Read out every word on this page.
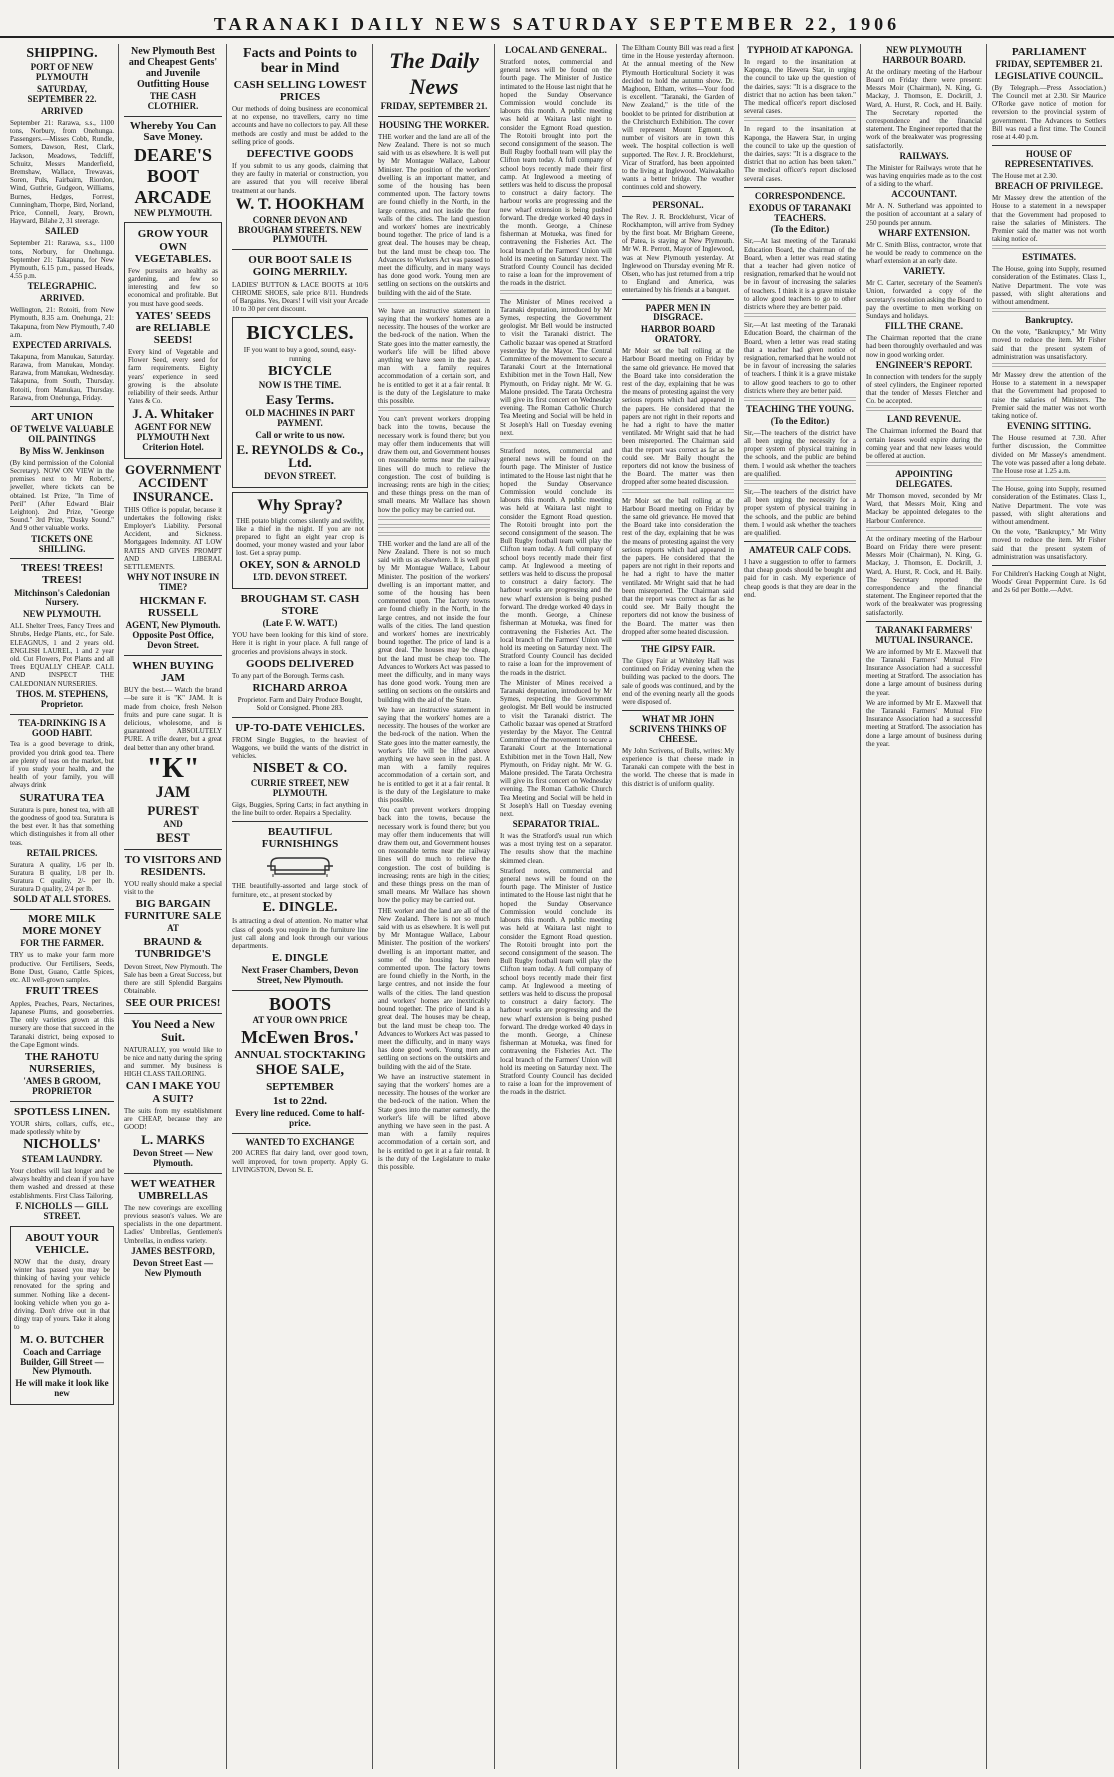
TARANAKI DAILY NEWS SATURDAY SEPTEMBER 22, 1906
SHIPPING.
PORT OF NEW PLYMOUTH
SATURDAY, SEPTEMBER 22.
ARRIVED

September 21: Rarawa, s.s., 1100 tons, Norbury, from Onehunga. Passengers.—Misses Cobb, Rundle, Somers, Dawson, Rest, Clark, Jackson, Meadows, Tedcliff, Schuitz, Messrs Manderfield, Bremshaw, Wallace, Trewavas, Soren, Puls, Fairbairn, Riordon, Wind, Guthrie, Gudgeon, Williams, Burnes, Hedges, Forrest, Cunningham, Thorpe, Bird, Norland, Price, Connell, Jeary, Brown, Hayward, Bilahe 2, 31 steerage.

SAILED

September 21: Rarawa, s.s., 1100 tons, Norbury, for Onehunga. September 21: Takapuna, for New Plymouth, 6.15 p.m., passed Heads, 4.55 p.m.

TELEGRAPHIC.
ARRIVED.

Wellington, 21: Rotoiti, from New Plymouth, 8.35 a.m. Onehunga, 21: Takapuna, from New Plymouth, 7.40 a.m.

EXPECTED ARRIVALS.

Takapuna, from Manukau, Saturday. Rarawa, from Manukau, Monday. Rarawa, from Manukau, Wednesday. Takapuna, from South, Thursday. Rotoiti, from Manukau, Thursday. Rarawa, from Onehunga, Friday.

ART UNION
OF TWELVE VALUABLE OIL PAINTINGS
By Miss W. Jenkinson

(By kind permission of the Colonial Secretary). NOW ON VIEW in the premises next to Mr Roberts', jeweller, where tickets can be obtained. 1st Prize, "In Time of Peril" (After Edward Blair Leighton). 2nd Prize, "George Sound." 3rd Prize, "Dusky Sound." And 9 other valuable works.

TICKETS ONE SHILLING.
TREES! TREES! TREES!
Mitchinson's Caledonian Nursery.
NEW PLYMOUTH.

ALL Shelter Trees, Fancy Trees and Shrubs, Hedge Plants, etc., for Sale. ELEAGNUS, 1 and 2 years old. ENGLISH LAUREL, 1 and 2 year old. Cut Flowers, Pot Plants and all Trees EQUALLY CHEAP. CALL AND INSPECT THE CALEDONIAN NURSERIES.

THOS. M. STEPHENS, Proprietor.
TEA-DRINKING IS A GOOD HABIT.

Tea is a good beverage to drink, provided you drink good tea. There are plenty of teas on the market, but if you study your health, and the health of your family, you will always drink

SURATURA TEA

Suratura is pure, honest tea, with all the goodness of good tea. Suratura is the best ever. It has that something which distinguishes it from all other teas.

RETAIL PRICES.

Suratura A quality, 1/6 per lb. Suratura B quality, 1/8 per lb. Suratura C quality, 2/- per lb. Suratura D quality, 2/4 per lb.

SOLD AT ALL STORES.
MORE MILK MORE MONEY
FOR THE FARMER.

TRY us to make your farm more productive. Our Fertilisers, Seeds, Bone Dust, Guano, Cattle Spices, etc. All well-grown samples.

FRUIT TREES

Apples, Peaches, Pears, Nectarines, Japanese Plums, and gooseberries. The only varieties grown at this nursery are those that succeed in the Taranaki district, being exposed to the Cape Egmont winds.

THE RAHOTU NURSERIES,
'AMES B GROOM, PROPRIETOR
SPOTLESS LINEN.

YOUR shirts, collars, cuffs, etc., made spotlessly white by

NICHOLLS'
STEAM LAUNDRY.

Your clothes will last longer and be always healthy and clean if you have them washed and dressed at these establishments. First Class Tailoring.

F. NICHOLLS — GILL STREET.
ABOUT YOUR VEHICLE.

NOW that the dusty, dreary winter has passed you may be thinking of having your vehicle renovated for the spring and summer. Nothing like a decent-looking vehicle when you go a-driving. Don't drive out in that dingy trap of yours. Take it along to

M. O. BUTCHER
Coach and Carriage Builder, Gill Street — New Plymouth.
He will make it look like new
New Plymouth Best and Cheapest Gents' and Juvenile Outfitting House
THE CASH CLOTHIER.
Whereby You Can Save Money.
DEARE'S
BOOT
ARCADE
NEW PLYMOUTH.
GROW YOUR OWN VEGETABLES.

Few pursuits are healthy as gardening, and few so interesting and few so economical and profitable. But you must have good seeds.

YATES' SEEDS are RELIABLE SEEDS!

Every kind of Vegetable and Flower Seed, every seed for farm requirements. Eighty years' experience in seed growing is the absolute reliability of their seeds. Arthur Yates & Co.

J. A. Whitaker
AGENT FOR NEW PLYMOUTH Next Criterion Hotel.
GOVERNMENT ACCIDENT INSURANCE.

THIS Office is popular, because it undertakes the following risks: Employer's Liability. Personal Accident, and Sickness. Mortgagees Indemnity. AT LOW RATES AND GIVES PROMPT AND LIBERAL SETTLEMENTS.

WHY NOT INSURE IN TIME?
HICKMAN F. RUSSELL
AGENT, New Plymouth. Opposite Post Office, Devon Street.
WHEN BUYING JAM

BUY the best.— Watch the brand —be sure it is "K" JAM. It is made from choice, fresh Nelson fruits and pure cane sugar. It is delicious, wholesome, and is guaranteed ABSOLUTELY PURE. A trifle dearer, but a great deal better than any other brand.

"K"
JAM
PUREST
AND
BEST
TO VISITORS AND RESIDENTS.

YOU really should make a special visit to the

BIG BARGAIN FURNITURE SALE
AT
BRAUND & TUNBRIDGE'S

Devon Street, New Plymouth. The Sale has been a Great Success, but there are still Splendid Bargains Obtainable.

SEE OUR PRICES!
You Need a New Suit.

NATURALLY, you would like to be nice and natty during the spring and summer. My business is HIGH CLASS TAILORING.

CAN I MAKE YOU A SUIT?

The suits from my establishment are CHEAP, because they are GOOD!

L. MARKS
Devon Street — New Plymouth.
WET WEATHER UMBRELLAS

The new coverings are excelling previous season's values. We are specialists in the one department. Ladies' Umbrellas, Gentlemen's Umbrellas, in endless variety.

JAMES BESTFORD,
Devon Street East — New Plymouth
Facts and Points to bear in Mind
CASH SELLING LOWEST PRICES

Our methods of doing business are economical at no expense, no travellers, carry no time accounts and have no collectors to pay. All these methods are costly and must be added to the selling price of goods.

DEFECTIVE GOODS

If you submit to us any goods, claiming that they are faulty in material or construction, you are assured that you will receive liberal treatment at our hands.

W. T. HOOKHAM
CORNER DEVON AND BROUGHAM STREETS. NEW PLYMOUTH.
OUR BOOT SALE IS GOING MERRILY.

LADIES' BUTTON & LACE BOOTS at 10/6 CHROME SHOES, sale price 8/11. Hundreds of Bargains. Yes, Dears! I will visit your Arcade 10 to 30 per cent discount.

BICYCLES.

IF you want to buy a good, sound, easy-running

BICYCLE
NOW IS THE TIME.
Easy Terms.
OLD MACHINES IN PART PAYMENT.
Call or write to us now.
E. REYNOLDS & Co., Ltd.
DEVON STREET.
Why Spray?

THE potato blight comes silently and swiftly, like a thief in the night. If you are not prepared to fight an eight year crop is doomed, your money wasted and your labor lost. Get a spray pump.

OKEY, SON & ARNOLD
LTD. DEVON STREET.
BROUGHAM ST. CASH STORE
(Late F. W. WATT.)

YOU have been looking for this kind of store. Here it is right in your place. A full range of groceries and provisions always in stock.

GOODS DELIVERED

To any part of the Borough. Terms cash.

RICHARD ARROA

Proprietor. Farm and Dairy Produce Bought, Sold or Consigned. Phone 283.

UP-TO-DATE VEHICLES.

FROM Single Buggies, to the heaviest of Waggons, we build the wants of the district in vehicles.

NISBET & CO.
CURRIE STREET, NEW PLYMOUTH.

Gigs, Buggies, Spring Carts; in fact anything in the line built to order. Repairs a Speciality.

BEAUTIFUL FURNISHINGS

THE beautifully-assorted and large stock of furniture, etc., at present stocked by

E. DINGLE.

Is attracting a deal of attention. No matter what class of goods you require in the furniture line just call along and look through our various departments.

E. DINGLE
Next Fraser Chambers, Devon Street, New Plymouth.
BOOTS
AT YOUR OWN PRICE
McEwen Bros.'
ANNUAL STOCKTAKING
SHOE SALE,
SEPTEMBER
1st to 22nd.
Every line reduced. Come to half-price.
WANTED TO EXCHANGE

200 ACRES flat dairy land, over good town, well improved, for town property. Apply G. LIVINGSTON, Devon St. E.

The Daily News
FRIDAY, SEPTEMBER 21.
HOUSING THE WORKER.

THE worker and the land are all of the New Zealand. There is not so much said with us as elsewhere. It is well put by Mr Montague Wallace, Labour Minister. The position of the workers' dwelling is an important matter, and some of the housing has been commented upon. The factory towns are found chiefly in the North, in the large centres, and not inside the four walls of the cities. The land question and workers' homes are inextricably bound together. The price of land is a great deal. The houses may be cheap, but the land must be cheap too. The Advances to Workers Act was passed to meet the difficulty, and in many ways has done good work. Young men are settling on sections on the outskirts and building with the aid of the State.

We have an instructive statement in saying that the workers' homes are a necessity. The houses of the worker are the bed-rock of the nation. When the State goes into the matter earnestly, the worker's life will be lifted above anything we have seen in the past. A man with a family requires accommodation of a certain sort, and he is entitled to get it at a fair rental. It is the duty of the Legislature to make this possible.

You can't prevent workers dropping back into the towns, because the necessary work is found there; but you may offer them inducements that will draw them out, and Government houses on reasonable terms near the railway lines will do much to relieve the congestion. The cost of building is increasing; rents are high in the cities; and these things press on the man of small means. Mr Wallace has shown how the policy may be carried out.

THE worker and the land are all of the New Zealand. There is not so much said with us as elsewhere. It is well put by Mr Montague Wallace, Labour Minister. The position of the workers' dwelling is an important matter, and some of the housing has been commented upon. The factory towns are found chiefly in the North, in the large centres, and not inside the four walls of the cities. The land question and workers' homes are inextricably bound together. The price of land is a great deal. The houses may be cheap, but the land must be cheap too. The Advances to Workers Act was passed to meet the difficulty, and in many ways has done good work. Young men are settling on sections on the outskirts and building with the aid of the State.

We have an instructive statement in saying that the workers' homes are a necessity. The houses of the worker are the bed-rock of the nation. When the State goes into the matter earnestly, the worker's life will be lifted above anything we have seen in the past. A man with a family requires accommodation of a certain sort, and he is entitled to get it at a fair rental. It is the duty of the Legislature to make this possible.

You can't prevent workers dropping back into the towns, because the necessary work is found there; but you may offer them inducements that will draw them out, and Government houses on reasonable terms near the railway lines will do much to relieve the congestion. The cost of building is increasing; rents are high in the cities; and these things press on the man of small means. Mr Wallace has shown how the policy may be carried out.

THE worker and the land are all of the New Zealand. There is not so much said with us as elsewhere. It is well put by Mr Montague Wallace, Labour Minister. The position of the workers' dwelling is an important matter, and some of the housing has been commented upon. The factory towns are found chiefly in the North, in the large centres, and not inside the four walls of the cities. The land question and workers' homes are inextricably bound together. The price of land is a great deal. The houses may be cheap, but the land must be cheap too. The Advances to Workers Act was passed to meet the difficulty, and in many ways has done good work. Young men are settling on sections on the outskirts and building with the aid of the State.

We have an instructive statement in saying that the workers' homes are a necessity. The houses of the worker are the bed-rock of the nation. When the State goes into the matter earnestly, the worker's life will be lifted above anything we have seen in the past. A man with a family requires accommodation of a certain sort, and he is entitled to get it at a fair rental. It is the duty of the Legislature to make this possible.

LOCAL AND GENERAL.

Stratford notes, commercial and general news will be found on the fourth page. The Minister of Justice intimated to the House last night that he hoped the Sunday Observance Commission would conclude its labours this month. A public meeting was held at Waitara last night to consider the Egmont Road question. The Rotoiti brought into port the second consignment of the season. The Bull Rugby football team will play the Clifton team today. A full company of school boys recently made their first camp. At Inglewood a meeting of settlers was held to discuss the proposal to construct a dairy factory. The harbour works are progressing and the new wharf extension is being pushed forward. The dredge worked 40 days in the month. George, a Chinese fisherman at Motueka, was fined for contravening the Fisheries Act. The local branch of the Farmers' Union will hold its meeting on Saturday next. The Stratford County Council has decided to raise a loan for the improvement of the roads in the district.

The Minister of Mines received a Taranaki deputation, introduced by Mr Symes, respecting the Government geologist. Mr Bell would be instructed to visit the Taranaki district. The Catholic bazaar was opened at Stratford yesterday by the Mayor. The Central Committee of the movement to secure a Taranaki Court at the International Exhibition met in the Town Hall, New Plymouth, on Friday night. Mr W. G. Malone presided. The Tarata Orchestra will give its first concert on Wednesday evening. The Roman Catholic Church Tea Meeting and Social will be held in St Joseph's Hall on Tuesday evening next.

Stratford notes, commercial and general news will be found on the fourth page. The Minister of Justice intimated to the House last night that he hoped the Sunday Observance Commission would conclude its labours this month. A public meeting was held at Waitara last night to consider the Egmont Road question. The Rotoiti brought into port the second consignment of the season. The Bull Rugby football team will play the Clifton team today. A full company of school boys recently made their first camp. At Inglewood a meeting of settlers was held to discuss the proposal to construct a dairy factory. The harbour works are progressing and the new wharf extension is being pushed forward. The dredge worked 40 days in the month. George, a Chinese fisherman at Motueka, was fined for contravening the Fisheries Act. The local branch of the Farmers' Union will hold its meeting on Saturday next. The Stratford County Council has decided to raise a loan for the improvement of the roads in the district.

The Minister of Mines received a Taranaki deputation, introduced by Mr Symes, respecting the Government geologist. Mr Bell would be instructed to visit the Taranaki district. The Catholic bazaar was opened at Stratford yesterday by the Mayor. The Central Committee of the movement to secure a Taranaki Court at the International Exhibition met in the Town Hall, New Plymouth, on Friday night. Mr W. G. Malone presided. The Tarata Orchestra will give its first concert on Wednesday evening. The Roman Catholic Church Tea Meeting and Social will be held in St Joseph's Hall on Tuesday evening next.

SEPARATOR TRIAL.

It was the Stratford's usual run which was a most trying test on a separator. The results show that the machine skimmed clean.

Stratford notes, commercial and general news will be found on the fourth page. The Minister of Justice intimated to the House last night that he hoped the Sunday Observance Commission would conclude its labours this month. A public meeting was held at Waitara last night to consider the Egmont Road question. The Rotoiti brought into port the second consignment of the season. The Bull Rugby football team will play the Clifton team today. A full company of school boys recently made their first camp. At Inglewood a meeting of settlers was held to discuss the proposal to construct a dairy factory. The harbour works are progressing and the new wharf extension is being pushed forward. The dredge worked 40 days in the month. George, a Chinese fisherman at Motueka, was fined for contravening the Fisheries Act. The local branch of the Farmers' Union will hold its meeting on Saturday next. The Stratford County Council has decided to raise a loan for the improvement of the roads in the district.

The Eltham County Bill was read a first time in the House yesterday afternoon. At the annual meeting of the New Plymouth Horticultural Society it was decided to hold the autumn show. Dr. Maghoon, Eltham, writes—Your food is excellent. "Taranaki, the Garden of New Zealand," is the title of the booklet to be printed for distribution at the Christchurch Exhibition. The cover will represent Mount Egmont. A number of visitors are in town this week. The hospital collection is well supported. The Rev. J. R. Brocklehurst, Vicar of Stratford, has been appointed to the living at Inglewood. Waiwakaiho wants a better bridge. The weather continues cold and showery.

PERSONAL.

The Rev. J. R. Brocklehurst, Vicar of Rockhampton, will arrive from Sydney by the first boat. Mr Brigham Greene, of Patea, is staying at New Plymouth. Mr W. R. Perrott, Mayor of Inglewood, was at New Plymouth yesterday. At Inglewood on Thursday evening Mr R. Olsen, who has just returned from a trip to England and America, was entertained by his friends at a banquet.

PAPER MEN IN DISGRACE.
HARBOR BOARD ORATORY.

Mr Moir set the ball rolling at the Harbour Board meeting on Friday by the same old grievance. He moved that the Board take into consideration the rest of the day, explaining that he was the means of protesting against the very serious reports which had appeared in the papers. He considered that the papers are not right in their reports and he had a right to have the matter ventilated. Mr Wright said that he had been misreported. The Chairman said that the report was correct as far as he could see. Mr Baily thought the reporters did not know the business of the Board. The matter was then dropped after some heated discussion.

Mr Moir set the ball rolling at the Harbour Board meeting on Friday by the same old grievance. He moved that the Board take into consideration the rest of the day, explaining that he was the means of protesting against the very serious reports which had appeared in the papers. He considered that the papers are not right in their reports and he had a right to have the matter ventilated. Mr Wright said that he had been misreported. The Chairman said that the report was correct as far as he could see. Mr Baily thought the reporters did not know the business of the Board. The matter was then dropped after some heated discussion.

THE GIPSY FAIR.

The Gipsy Fair at Whiteley Hall was continued on Friday evening when the building was packed to the doors. The sale of goods was continued, and by the end of the evening nearly all the goods were disposed of.

WHAT MR JOHN SCRIVENS THINKS OF CHEESE.

My John Scrivens, of Bulls, writes: My experience is that cheese made in Taranaki can compete with the best in the world. The cheese that is made in this district is of uniform quality.

TYPHOID AT KAPONGA.

In regard to the insanitation at Kaponga, the Hawera Star, in urging the council to take up the question of the dairies, says: "It is a disgrace to the district that no action has been taken." The medical officer's report disclosed several cases.

In regard to the insanitation at Kaponga, the Hawera Star, in urging the council to take up the question of the dairies, says: "It is a disgrace to the district that no action has been taken." The medical officer's report disclosed several cases.

CORRESPONDENCE.
EXODUS OF TARANAKI TEACHERS.
(To the Editor.)

Sir,—At last meeting of the Taranaki Education Board, the chairman of the Board, when a letter was read stating that a teacher had given notice of resignation, remarked that he would not be in favour of increasing the salaries of teachers. I think it is a grave mistake to allow good teachers to go to other districts where they are better paid.

Sir,—At last meeting of the Taranaki Education Board, the chairman of the Board, when a letter was read stating that a teacher had given notice of resignation, remarked that he would not be in favour of increasing the salaries of teachers. I think it is a grave mistake to allow good teachers to go to other districts where they are better paid.

TEACHING THE YOUNG.
(To the Editor.)

Sir,—The teachers of the district have all been urging the necessity for a proper system of physical training in the schools, and the public are behind them. I would ask whether the teachers are qualified.

Sir,—The teachers of the district have all been urging the necessity for a proper system of physical training in the schools, and the public are behind them. I would ask whether the teachers are qualified.

AMATEUR CALF CODS.

I have a suggestion to offer to farmers that cheap goods should be bought and paid for in cash. My experience of cheap goods is that they are dear in the end.

NEW PLYMOUTH HARBOUR BOARD.

At the ordinary meeting of the Harbour Board on Friday there were present: Messrs Moir (Chairman), N. King, G. Mackay, J. Thomson, E. Dockrill, J. Ward, A. Hurst, R. Cock, and H. Baily. The Secretary reported the correspondence and the financial statement. The Engineer reported that the work of the breakwater was progressing satisfactorily.

RAILWAYS.

The Minister for Railways wrote that he was having enquiries made as to the cost of a siding to the wharf.

ACCOUNTANT.

Mr A. N. Sutherland was appointed to the position of accountant at a salary of 250 pounds per annum.

WHARF EXTENSION.

Mr C. Smith Bliss, contractor, wrote that he would be ready to commence on the wharf extension at an early date.

VARIETY.

Mr C. Carter, secretary of the Seamen's Union, forwarded a copy of the secretary's resolution asking the Board to pay the overtime to men working on Sundays and holidays.

FILL THE CRANE.

The Chairman reported that the crane had been thoroughly overhauled and was now in good working order.

ENGINEER'S REPORT.

In connection with tenders for the supply of steel cylinders, the Engineer reported that the tender of Messrs Fletcher and Co. be accepted.

LAND REVENUE.

The Chairman informed the Board that certain leases would expire during the coming year and that new leases would be offered at auction.

APPOINTING DELEGATES.

Mr Thomson moved, seconded by Mr Ward, that Messrs Moir, King and Mackay be appointed delegates to the Harbour Conference.

At the ordinary meeting of the Harbour Board on Friday there were present: Messrs Moir (Chairman), N. King, G. Mackay, J. Thomson, E. Dockrill, J. Ward, A. Hurst, R. Cock, and H. Baily. The Secretary reported the correspondence and the financial statement. The Engineer reported that the work of the breakwater was progressing satisfactorily.

TARANAKI FARMERS' MUTUAL INSURANCE.

We are informed by Mr E. Maxwell that the Taranaki Farmers' Mutual Fire Insurance Association had a successful meeting at Stratford. The association has done a large amount of business during the year.

We are informed by Mr E. Maxwell that the Taranaki Farmers' Mutual Fire Insurance Association had a successful meeting at Stratford. The association has done a large amount of business during the year.

PARLIAMENT
FRIDAY, SEPTEMBER 21.
LEGISLATIVE COUNCIL.

(By Telegraph.—Press Association.) The Council met at 2.30. Sir Maurice O'Rorke gave notice of motion for reversion to the provincial system of government. The Advances to Settlers Bill was read a first time. The Council rose at 4.40 p.m.

HOUSE OF REPRESENTATIVES.

The House met at 2.30.

BREACH OF PRIVILEGE.

Mr Massey drew the attention of the House to a statement in a newspaper that the Government had proposed to raise the salaries of Ministers. The Premier said the matter was not worth taking notice of.

ESTIMATES.

The House, going into Supply, resumed consideration of the Estimates. Class I., Native Department. The vote was passed, with slight alterations and without amendment.

Bankruptcy.

On the vote, "Bankruptcy," Mr Witty moved to reduce the item. Mr Fisher said that the present system of administration was unsatisfactory.

Mr Massey drew the attention of the House to a statement in a newspaper that the Government had proposed to raise the salaries of Ministers. The Premier said the matter was not worth taking notice of.

EVENING SITTING.

The House resumed at 7.30. After further discussion, the Committee divided on Mr Massey's amendment. The vote was passed after a long debate. The House rose at 1.25 a.m.

The House, going into Supply, resumed consideration of the Estimates. Class I., Native Department. The vote was passed, with slight alterations and without amendment.

On the vote, "Bankruptcy," Mr Witty moved to reduce the item. Mr Fisher said that the present system of administration was unsatisfactory.

For Children's Hacking Cough at Night, Woods' Great Peppermint Cure. 1s 6d and 2s 6d per Bottle.—Advt.
